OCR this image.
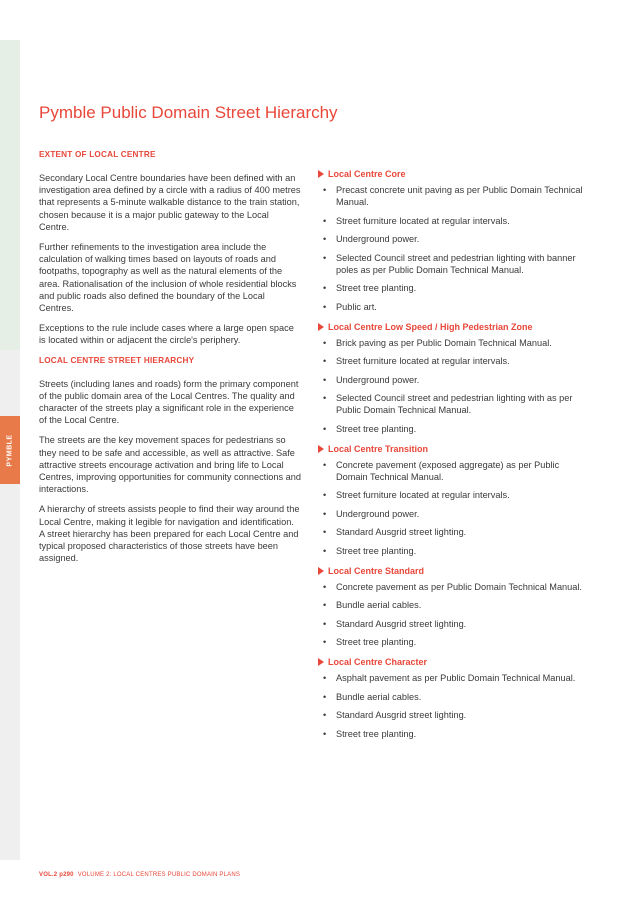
PYMBLE
Pymble Public Domain Street Hierarchy
EXTENT OF LOCAL CENTRE

Secondary Local Centre boundaries have been defined with an investigation area defined by a circle with a radius of 400 metres that represents a 5-minute walkable distance to the train station, chosen because it is a major public gateway to the Local Centre.

Further refinements to the investigation area include the calculation of walking times based on layouts of roads and footpaths, topography as well as the natural elements of the area. Rationalisation of the inclusion of whole residential blocks and public roads also defined the boundary of the Local Centres.

Exceptions to the rule include cases where a large open space is located within or adjacent the circle's periphery.

LOCAL CENTRE STREET HIERARCHY

Streets (including lanes and roads) form the primary component of the public domain area of the Local Centres. The quality and character of the streets play a significant role in the experience of the Local Centre.

The streets are the key movement spaces for pedestrians so they need to be safe and accessible, as well as attractive. Safe attractive streets encourage activation and bring life to Local Centres, improving opportunities for community connections and interactions.

A hierarchy of streets assists people to find their way around the Local Centre, making it legible for navigation and identification. A street hierarchy has been prepared for each Local Centre and typical proposed characteristics of those streets have been assigned.

Local Centre Core
• Precast concrete unit paving as per Public Domain Technical Manual.
• Street furniture located at regular intervals.
• Underground power.
• Selected Council street and pedestrian lighting with banner poles as per Public Domain Technical Manual.
• Street tree planting.
• Public art.
Local Centre Low Speed / High Pedestrian Zone
• Brick paving as per Public Domain Technical Manual.
• Street furniture located at regular intervals.
• Underground power.
• Selected Council street and pedestrian lighting with as per Public Domain Technical Manual.
• Street tree planting.
Local Centre Transition
• Concrete pavement (exposed aggregate) as per Public Domain Technical Manual.
• Street furniture located at regular intervals.
• Underground power.
• Standard Ausgrid street lighting.
• Street tree planting.
Local Centre Standard
• Concrete pavement as per Public Domain Technical Manual.
• Bundle aerial cables.
• Standard Ausgrid street lighting.
• Street tree planting.
Local Centre Character
• Asphalt pavement as per Public Domain Technical Manual.
• Bundle aerial cables.
• Standard Ausgrid street lighting.
• Street tree planting.
VOL.2 p290 VOLUME 2: LOCAL CENTRES PUBLIC DOMAIN PLANS
